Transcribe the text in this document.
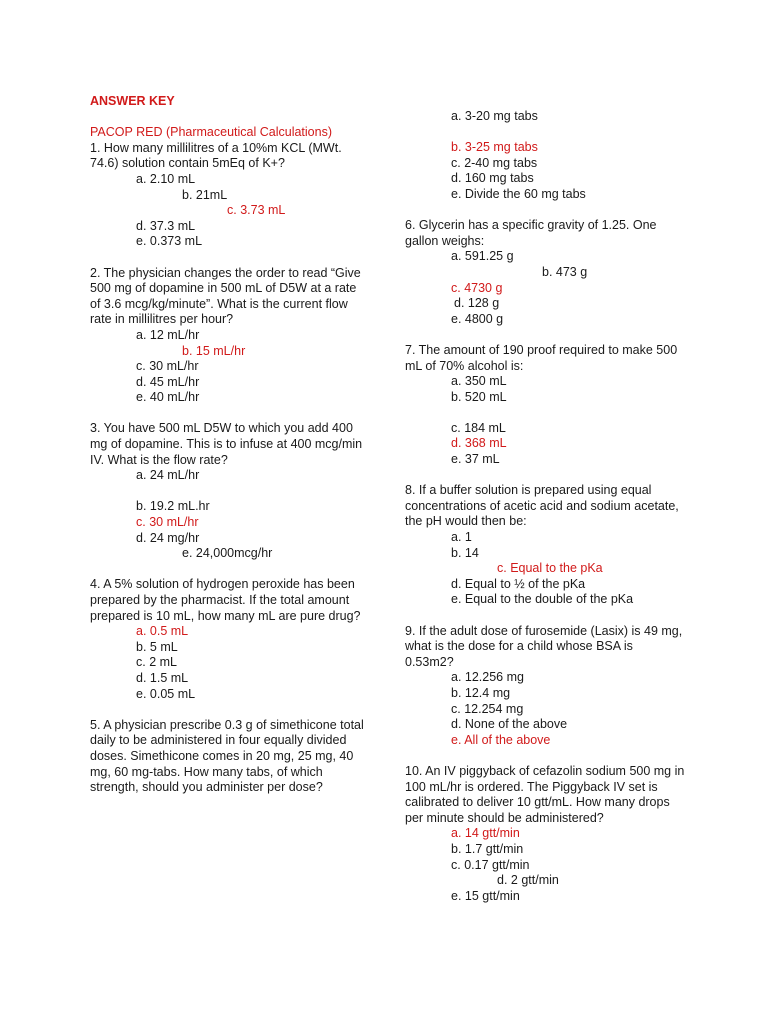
ANSWER KEY
PACOP RED (Pharmaceutical Calculations)

1. How many millilitres of a 10%m KCL (MWt. 74.6) solution contain 5mEq of K+?

a. 2.10 mL

b. 21mL

c. 3.73 mL

d. 37.3 mL

e. 0.373 mL

2. The physician changes the order to read “Give 500 mg of dopamine in 500 mL of D5W at a rate of 3.6 mcg/kg/minute”. What is the current flow rate in millilitres per hour?

a. 12 mL/hr

b. 15 mL/hr

c. 30 mL/hr

d. 45 mL/hr

e. 40 mL/hr

3. You have 500 mL D5W to which you add 400 mg of dopamine. This is to infuse at 400 mcg/min IV. What is the flow rate?

a. 24 mL/hr

b. 19.2 mL.hr

c. 30 mL/hr

d. 24 mg/hr

e. 24,000mcg/hr

4. A 5% solution of hydrogen peroxide has been prepared by the pharmacist. If the total amount prepared is 10 mL, how many mL are pure drug?

a. 0.5 mL

b. 5 mL

c. 2 mL

d. 1.5 mL

e. 0.05 mL

5. A physician prescribe 0.3 g of simethicone total daily to be administered in four equally divided doses. Simethicone comes in 20 mg, 25 mg, 40 mg, 60 mg-tabs. How many tabs, of which strength, should you administer per dose?

a. 3-20 mg tabs

b. 3-25 mg tabs

c. 2-40 mg tabs

d. 160 mg tabs

e. Divide the 60 mg tabs

6. Glycerin has a specific gravity of 1.25. One gallon weighs:

a. 591.25 g

b. 473 g

c. 4730 g

d. 128 g

e. 4800 g

7. The amount of 190 proof required to make 500 mL of 70% alcohol is:

a. 350 mL

b. 520 mL

c. 184 mL

d. 368 mL

e. 37 mL

8. If a buffer solution is prepared using equal concentrations of acetic acid and sodium acetate, the pH would then be:

a. 1

b. 14

c. Equal to the pKa

d. Equal to ½ of the pKa

e. Equal to the double of the pKa

9. If the adult dose of furosemide (Lasix) is 49 mg, what is the dose for a child whose BSA is 0.53m2?

a. 12.256 mg

b. 12.4 mg

c. 12.254 mg

d. None of the above

e. All of the above

10. An IV piggyback of cefazolin sodium 500 mg in 100 mL/hr is ordered. The Piggyback IV set is calibrated to deliver 10 gtt/mL. How many drops per minute should be administered?

a. 14 gtt/min

b. 1.7 gtt/min

c. 0.17 gtt/min

d. 2 gtt/min

e. 15 gtt/min
